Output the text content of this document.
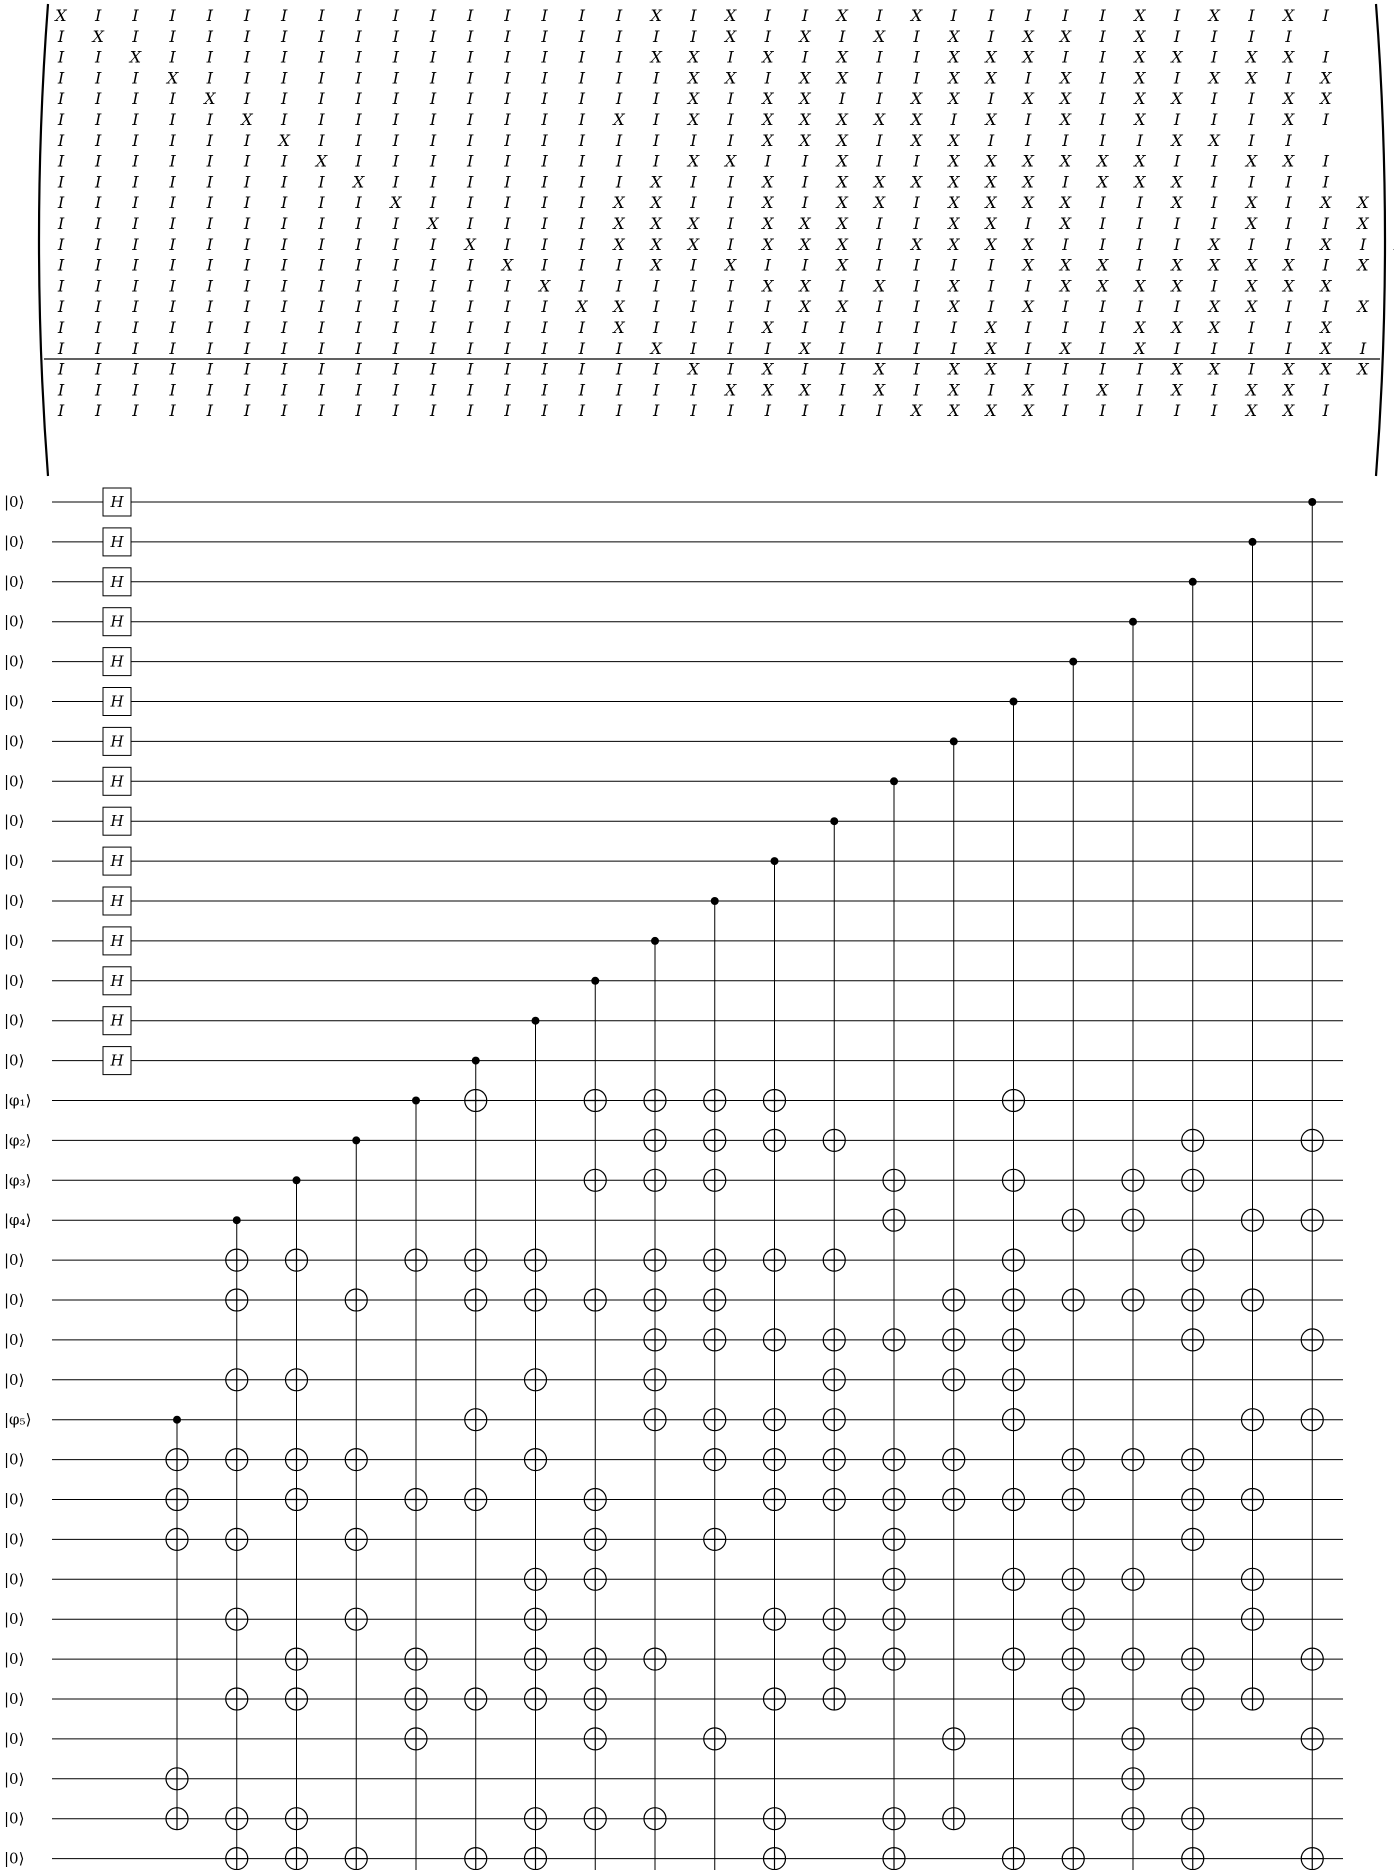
X I I I I I I I I I I I I I I I X I X I I X I X I I I I I X I X I X I
I X I I I I I I I I I I I I I I I I X I X I X I X I X X I X I I I I
I I X I I I I I I I I I I I I I X X I X I X I I X X X I I X X I X X I
I I I X I I I I I I I I I I I I I X X I X X I I X X I X I X I X X I X
I I I I X I I I I I I I I I I I I X I X X I I X X I X X I X X I I X X
I I I I I X I I I I I I I I I X I X I X X X X X I X I X I X I I I X I
I I I I I I X I I I I I I I I I I I I X X X I X X I I I I I X X I I
I I I I I I I X I I I I I I I I I X X I I X I I X X X X X X I I X X I
I I I I I I I I X I I I I I I I X I I X I X X X X X X I X X X I I I I
I I I I I I I I I X I I I I I X X I I X I X X I X X X X I I X I X I X X
I I I I I I I I I I X I I I I X X X I X X X I I X X I X I I I I X I I X
I I I I I I I I I I I X I I I X X X I X X X I X X X X I I I I X I I X I
I I I I I I I I I I I I X I I I X I X I I X I I I I X X X I X X X X I X
I I I I I I I I I I I I I X I I I I I X X I X I X I I X X X X I X X X
I I I I I I I I I I I I I I X X I I I I X X I I X I X I I I I X X I I X
I I I I I I I I I I I I I I I X I I I X I I I I I X I I I X X X I I X
I I I I I I I I I I I I I I I I X I I I X I I I I X I X I X I I I I X I
I I I I I I I I I I I I I I I I I X I X I I X I X X I I I I X X I X X X
I I I I I I I I I I I I I I I I I I X X X I X I X I X I X I X I X X I
I I I I I I I I I I I I I I I I I I I I I I I X X X X I I I I I X X I
|0⟩
|0⟩
|0⟩
|0⟩
|0⟩
|0⟩
|0⟩
|0⟩
|0⟩
|0⟩
|0⟩
|0⟩
|0⟩
|0⟩
|0⟩
|φ₁⟩
|φ₂⟩
|φ₃⟩
|φ₄⟩
|0⟩
|0⟩
|0⟩
|0⟩
|φ₅⟩
|0⟩
|0⟩
|0⟩
|0⟩
|0⟩
|0⟩
|0⟩
|0⟩
|0⟩
|0⟩
|0⟩
H
H
H
H
H
H
H
H
H
H
H
H
H
H
H
